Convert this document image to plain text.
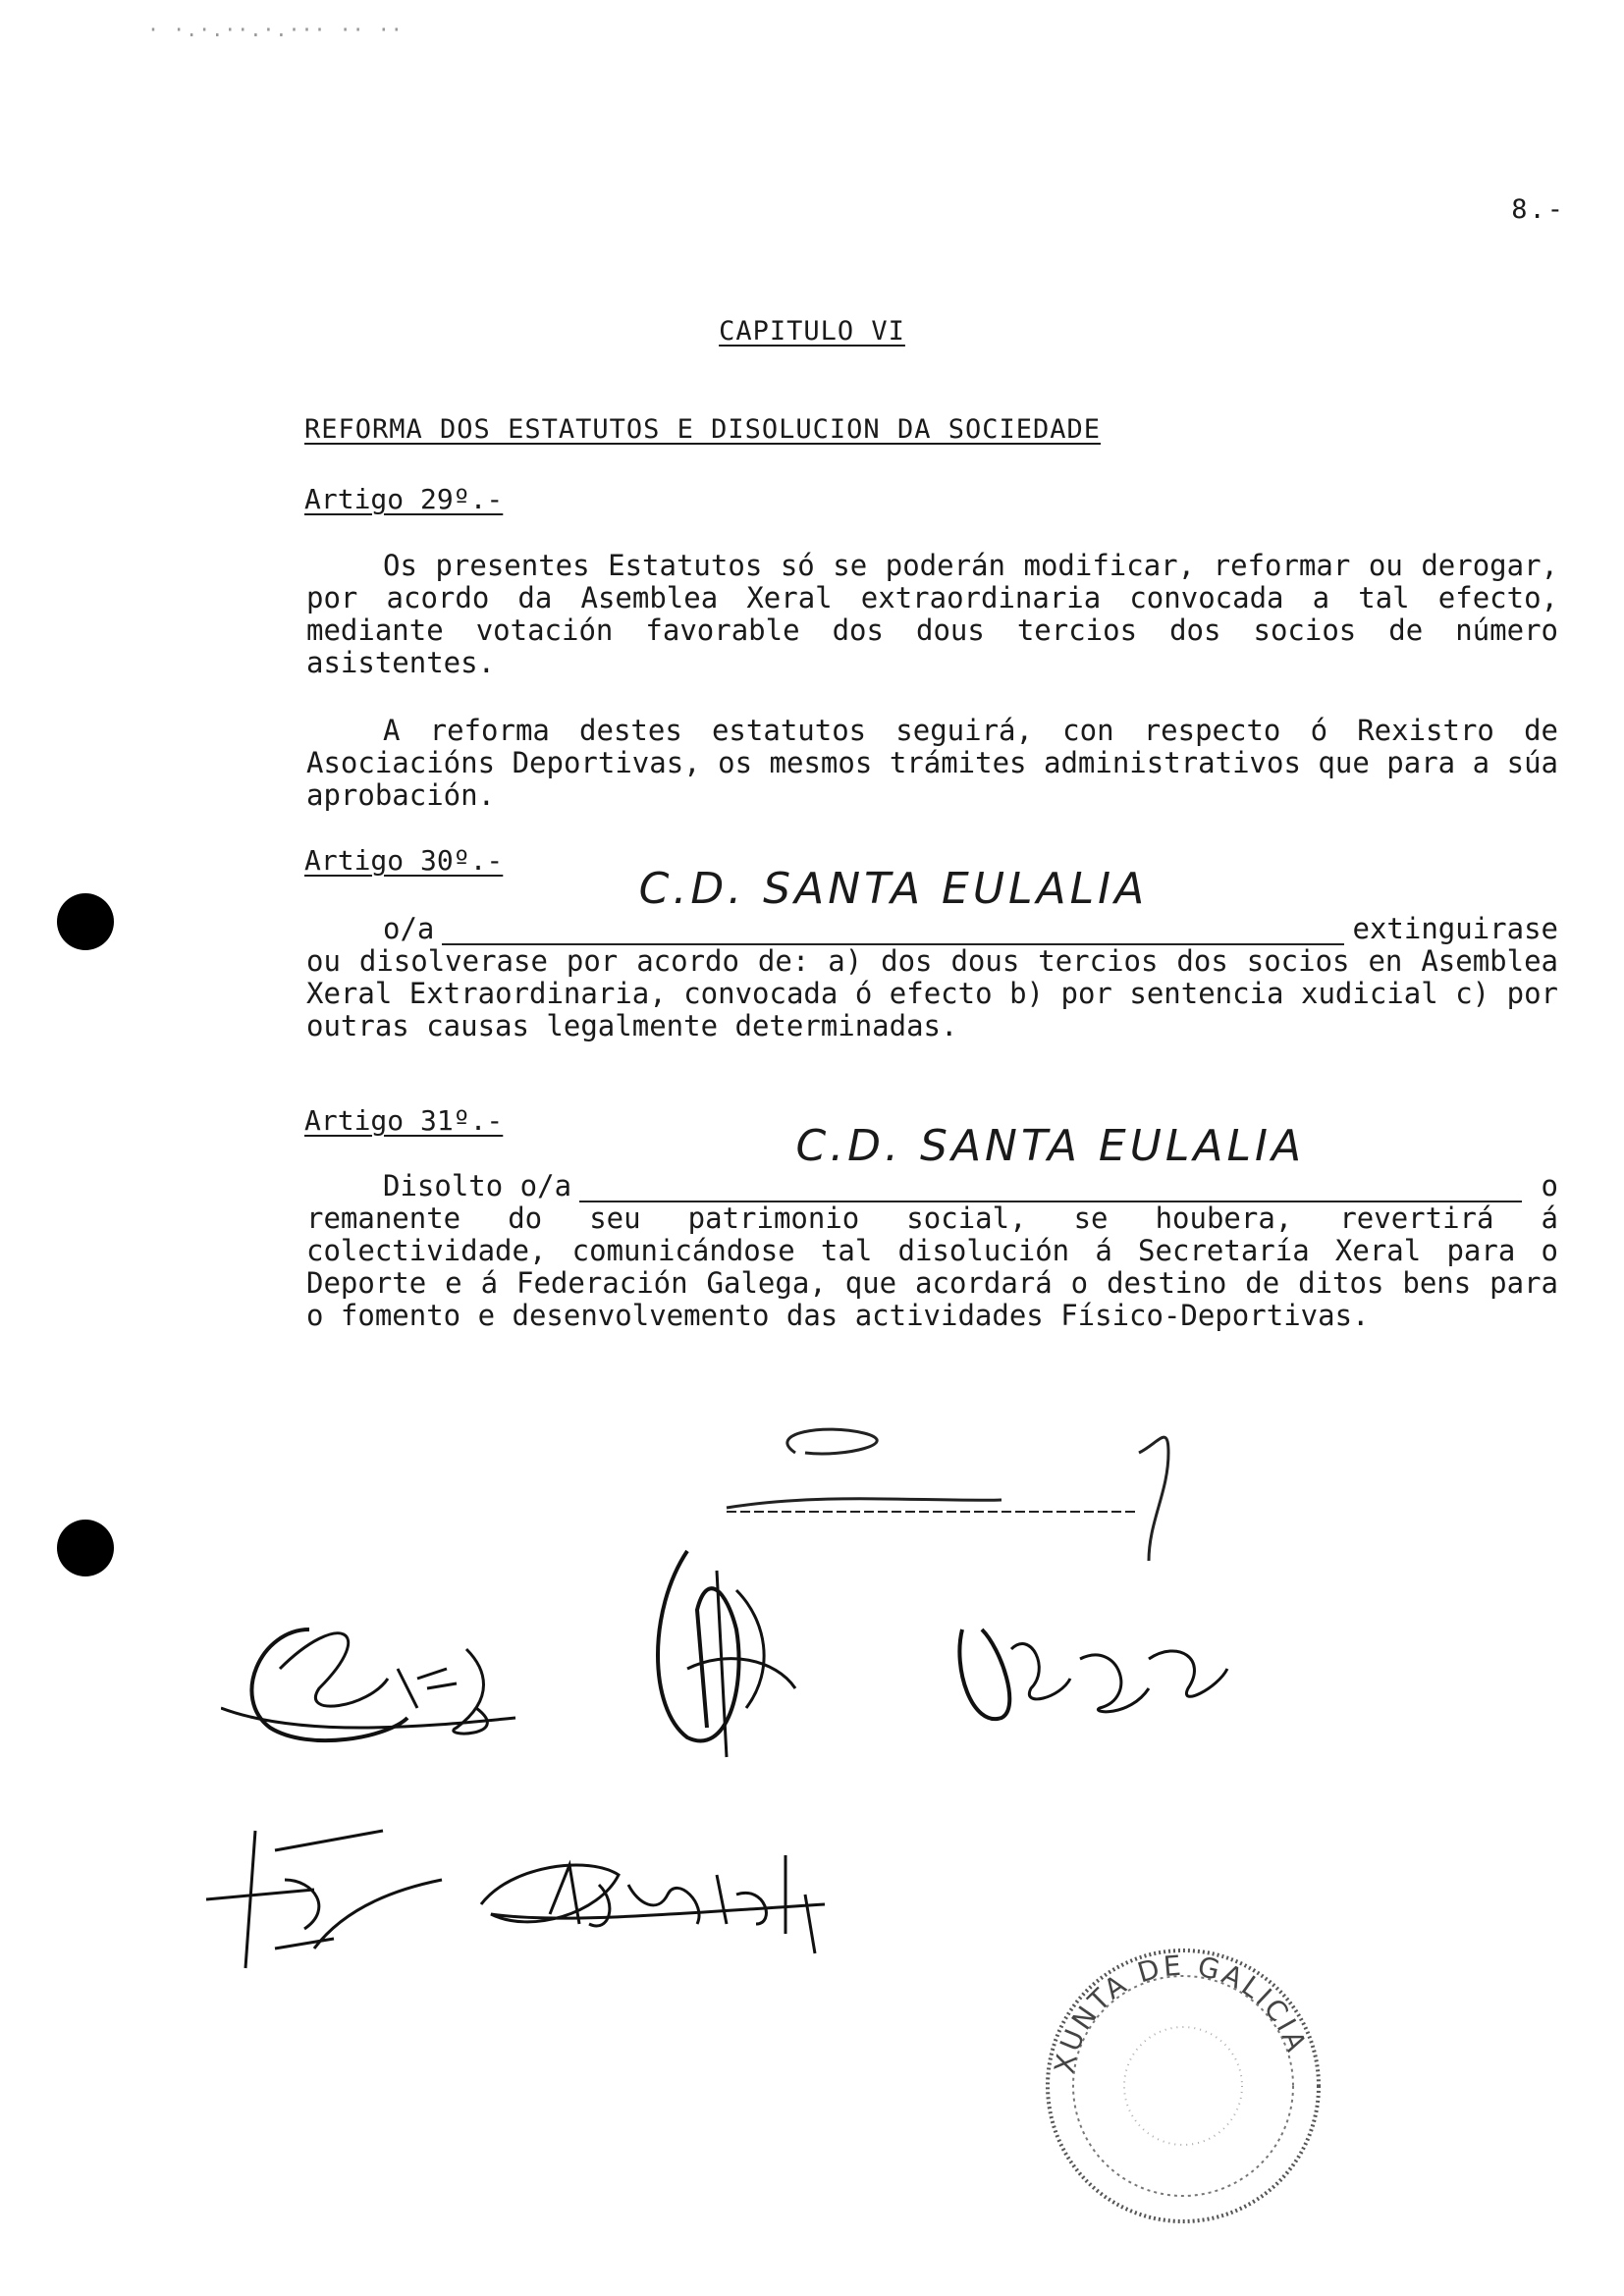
· ·.·.··.·.··· ·· ··
8.-
CAPITULO VI
REFORMA DOS ESTATUTOS E DISOLUCION DA SOCIEDADE
Artigo 29º.-

Os presentes Estatutos só se poderán modificar, reformar ou derogar, por acordo da Asemblea Xeral extraordinaria convocada a tal efecto, mediante votación favorable dos dous tercios dos socios de número asistentes.

A reforma destes estatutos seguirá, con respecto ó Rexistro de Asociacións Deportivas, os mesmos trámites administrativos que para a súa aprobación.

Artigo 30º.-
o/a
C.D. SANTA EULALIA
extinguirase
ou disolverase por acordo de: a) dos dous tercios dos socios en Asemblea Xeral Extraordinaria, convocada ó efecto b) por sentencia xudicial c) por outras causas legalmente determinadas.
Artigo 31º.-
Disolto o/a
C.D. SANTA EULALIA
o
remanente do seu patrimonio social, se houbera, revertirá á colectividade, comunicándose tal disolución á Secretaría Xeral para o Deporte e á Federación Galega, que acordará o destino de ditos bens para o fomento e desenvolvemento das actividades Físico-Deportivas.
XUNTA DE GALICIA
